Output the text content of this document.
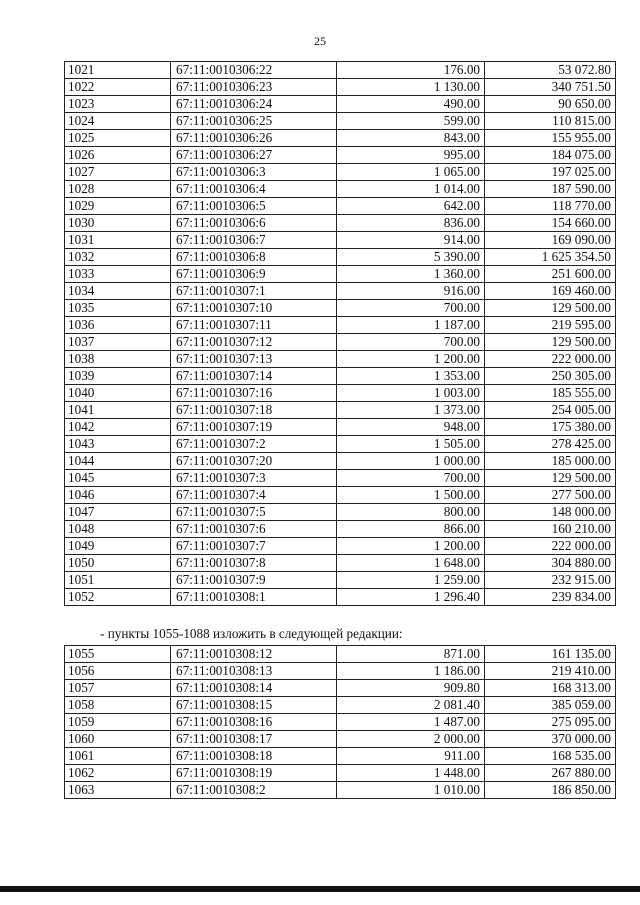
25
1021	67:11:0010306:22	176.00	53 072.80
1022	67:11:0010306:23	1 130.00	340 751.50
1023	67:11:0010306:24	490.00	90 650.00
1024	67:11:0010306:25	599.00	110 815.00
1025	67:11:0010306:26	843.00	155 955.00
1026	67:11:0010306:27	995.00	184 075.00
1027	67:11:0010306:3	1 065.00	197 025.00
1028	67:11:0010306:4	1 014.00	187 590.00
1029	67:11:0010306:5	642.00	118 770.00
1030	67:11:0010306:6	836.00	154 660.00
1031	67:11:0010306:7	914.00	169 090.00
1032	67:11:0010306:8	5 390.00	1 625 354.50
1033	67:11:0010306:9	1 360.00	251 600.00
1034	67:11:0010307:1	916.00	169 460.00
1035	67:11:0010307:10	700.00	129 500.00
1036	67:11:0010307:11	1 187.00	219 595.00
1037	67:11:0010307:12	700.00	129 500.00
1038	67:11:0010307:13	1 200.00	222 000.00
1039	67:11:0010307:14	1 353.00	250 305.00
1040	67:11:0010307:16	1 003.00	185 555.00
1041	67:11:0010307:18	1 373.00	254 005.00
1042	67:11:0010307:19	948.00	175 380.00
1043	67:11:0010307:2	1 505.00	278 425.00
1044	67:11:0010307:20	1 000.00	185 000.00
1045	67:11:0010307:3	700.00	129 500.00
1046	67:11:0010307:4	1 500.00	277 500.00
1047	67:11:0010307:5	800.00	148 000.00
1048	67:11:0010307:6	866.00	160 210.00
1049	67:11:0010307:7	1 200.00	222 000.00
1050	67:11:0010307:8	1 648.00	304 880.00
1051	67:11:0010307:9	1 259.00	232 915.00
1052	67:11:0010308:1	1 296.40	239 834.00
- пункты 1055-1088 изложить в следующей редакции:
1055	67:11:0010308:12	871.00	161 135.00
1056	67:11:0010308:13	1 186.00	219 410.00
1057	67:11:0010308:14	909.80	168 313.00
1058	67:11:0010308:15	2 081.40	385 059.00
1059	67:11:0010308:16	1 487.00	275 095.00
1060	67:11:0010308:17	2 000.00	370 000.00
1061	67:11:0010308:18	911.00	168 535.00
1062	67:11:0010308:19	1 448.00	267 880.00
1063	67:11:0010308:2	1 010.00	186 850.00
